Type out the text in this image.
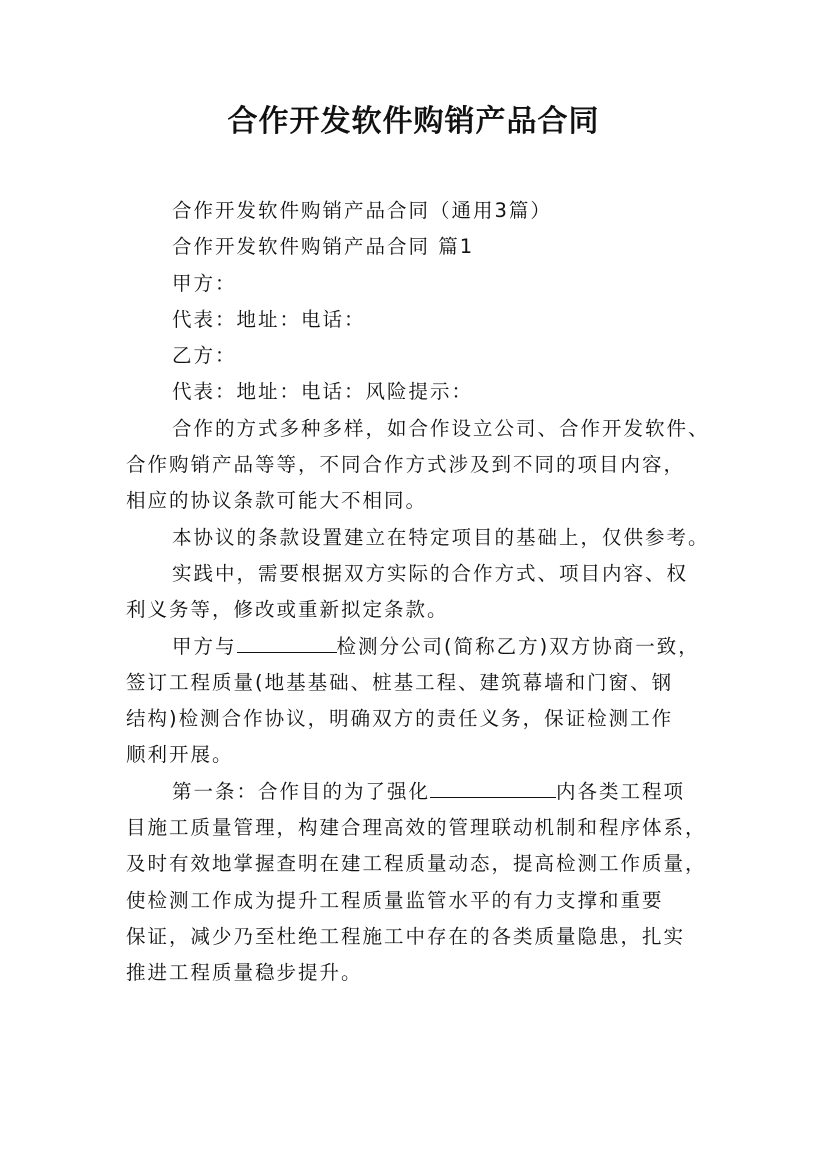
合作开发软件购销产品合同
合作开发软件购销产品合同（通用3篇）
合作开发软件购销产品合同 篇1
甲方：
代表：地址：电话：
乙方：
代表：地址：电话：风险提示：
合作的方式多种多样，如合作设立公司、合作开发软件、
合作购销产品等等，不同合作方式涉及到不同的项目内容，
相应的协议条款可能大不相同。
本协议的条款设置建立在特定项目的基础上，仅供参考。
实践中，需要根据双方实际的合作方式、项目内容、权
利义务等，修改或重新拟定条款。
甲方与	检测分公司(简称乙方)双方协商一致，
签订工程质量(地基基础、桩基工程、建筑幕墙和门窗、钢
结构)检测合作协议，明确双方的责任义务，保证检测工作
顺利开展。
第一条：合作目的为了强化	内各类工程项
目施工质量管理，构建合理高效的管理联动机制和程序体系，
及时有效地掌握查明在建工程质量动态，提高检测工作质量，
使检测工作成为提升工程质量监管水平的有力支撑和重要
保证，减少乃至杜绝工程施工中存在的各类质量隐患，扎实
推进工程质量稳步提升。
